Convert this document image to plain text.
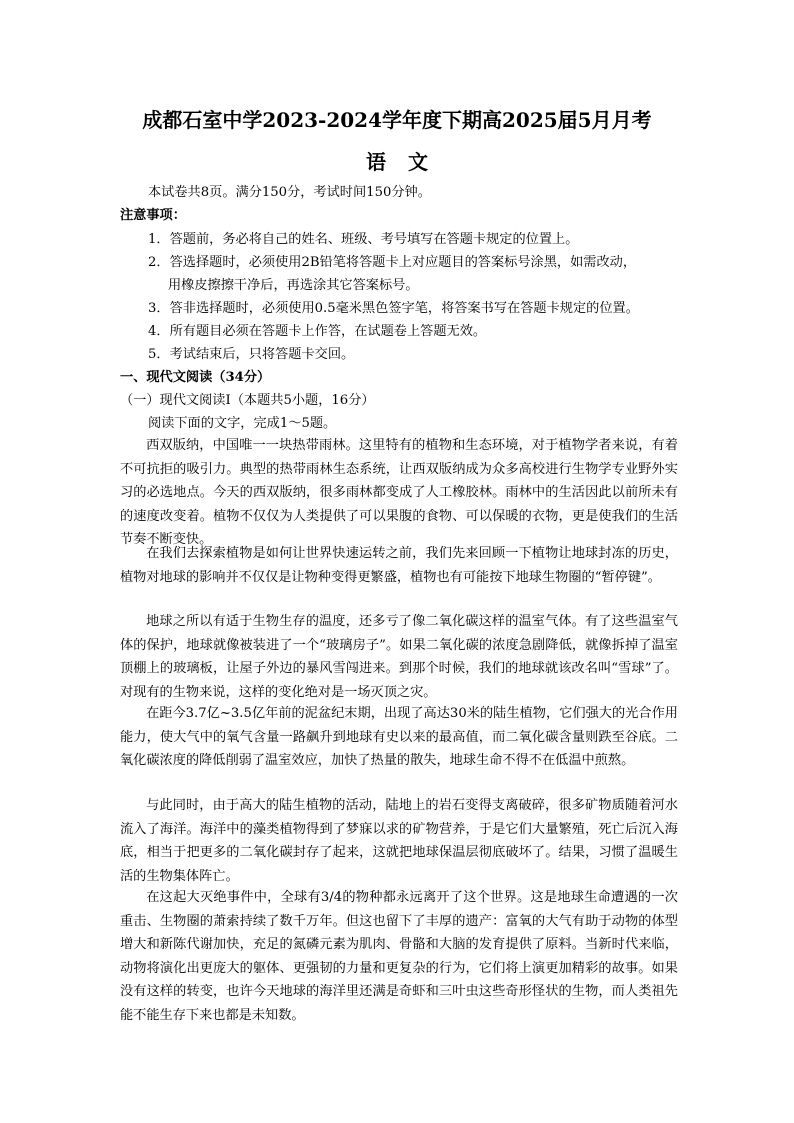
成都石室中学2023-2024学年度下期高2025届5月月考
语文
本试卷共8页。满分150分，考试时间150分钟。
注意事项：
1．答题前，务必将自己的姓名、班级、考号填写在答题卡规定的位置上。
2．答选择题时，必须使用2B铅笔将答题卡上对应题目的答案标号涂黑，如需改动，
用橡皮擦擦干净后，再选涂其它答案标号。
3．答非选择题时，必须使用0.5毫米黑色签字笔，将答案书写在答题卡规定的位置。
4．所有题目必须在答题卡上作答，在试题卷上答题无效。
5．考试结束后，只将答题卡交回。
一、现代文阅读（34分）
（一）现代文阅读Ⅰ（本题共5小题，16分）
阅读下面的文字，完成1～5题。
西双版纳，中国唯一一块热带雨林。这里特有的植物和生态环境，对于植物学者来说，有着不可抗拒的吸引力。典型的热带雨林生态系统，让西双版纳成为众多高校进行生物学专业野外实习的必选地点。今天的西双版纳，很多雨林都变成了人工橡胶林。雨林中的生活因此以前所未有的速度改变着。植物不仅仅为人类提供了可以果腹的食物、可以保暖的衣物，更是使我们的生活节奏不断变快。
在我们去探索植物是如何让世界快速运转之前，我们先来回顾一下植物让地球封冻的历史，植物对地球的影响并不仅仅是让物种变得更繁盛，植物也有可能按下地球生物圈的“暂停键”。
地球之所以有适于生物生存的温度，还多亏了像二氧化碳这样的温室气体。有了这些温室气体的保护，地球就像被装进了一个“玻璃房子”。如果二氧化碳的浓度急剧降低，就像拆掉了温室顶棚上的玻璃板，让屋子外边的暴风雪闯进来。到那个时候，我们的地球就该改名叫“雪球”了。对现有的生物来说，这样的变化绝对是一场灭顶之灾。
在距今3.7亿~3.5亿年前的泥盆纪末期，出现了高达30米的陆生植物，它们强大的光合作用能力，使大气中的氧气含量一路飙升到地球有史以来的最高值，而二氧化碳含量则跌至谷底。二氧化碳浓度的降低削弱了温室效应，加快了热量的散失，地球生命不得不在低温中煎熬。
与此同时，由于高大的陆生植物的活动，陆地上的岩石变得支离破碎，很多矿物质随着河水流入了海洋。海洋中的藻类植物得到了梦寐以求的矿物营养，于是它们大量繁殖，死亡后沉入海底，相当于把更多的二氧化碳封存了起来，这就把地球保温层彻底破坏了。结果，习惯了温暖生活的生物集体阵亡。
在这起大灭绝事件中，全球有3/4的物种都永远离开了这个世界。这是地球生命遭遇的一次重击、生物圈的萧索持续了数千万年。但这也留下了丰厚的遗产：富氧的大气有助于动物的体型增大和新陈代谢加快，充足的氮磷元素为肌肉、骨骼和大脑的发育提供了原料。当新时代来临，动物将演化出更庞大的躯体、更强韧的力量和更复杂的行为，它们将上演更加精彩的故事。如果没有这样的转变，也许今天地球的海洋里还满是奇虾和三叶虫这些奇形怪状的生物，而人类祖先能不能生存下来也都是未知数。
